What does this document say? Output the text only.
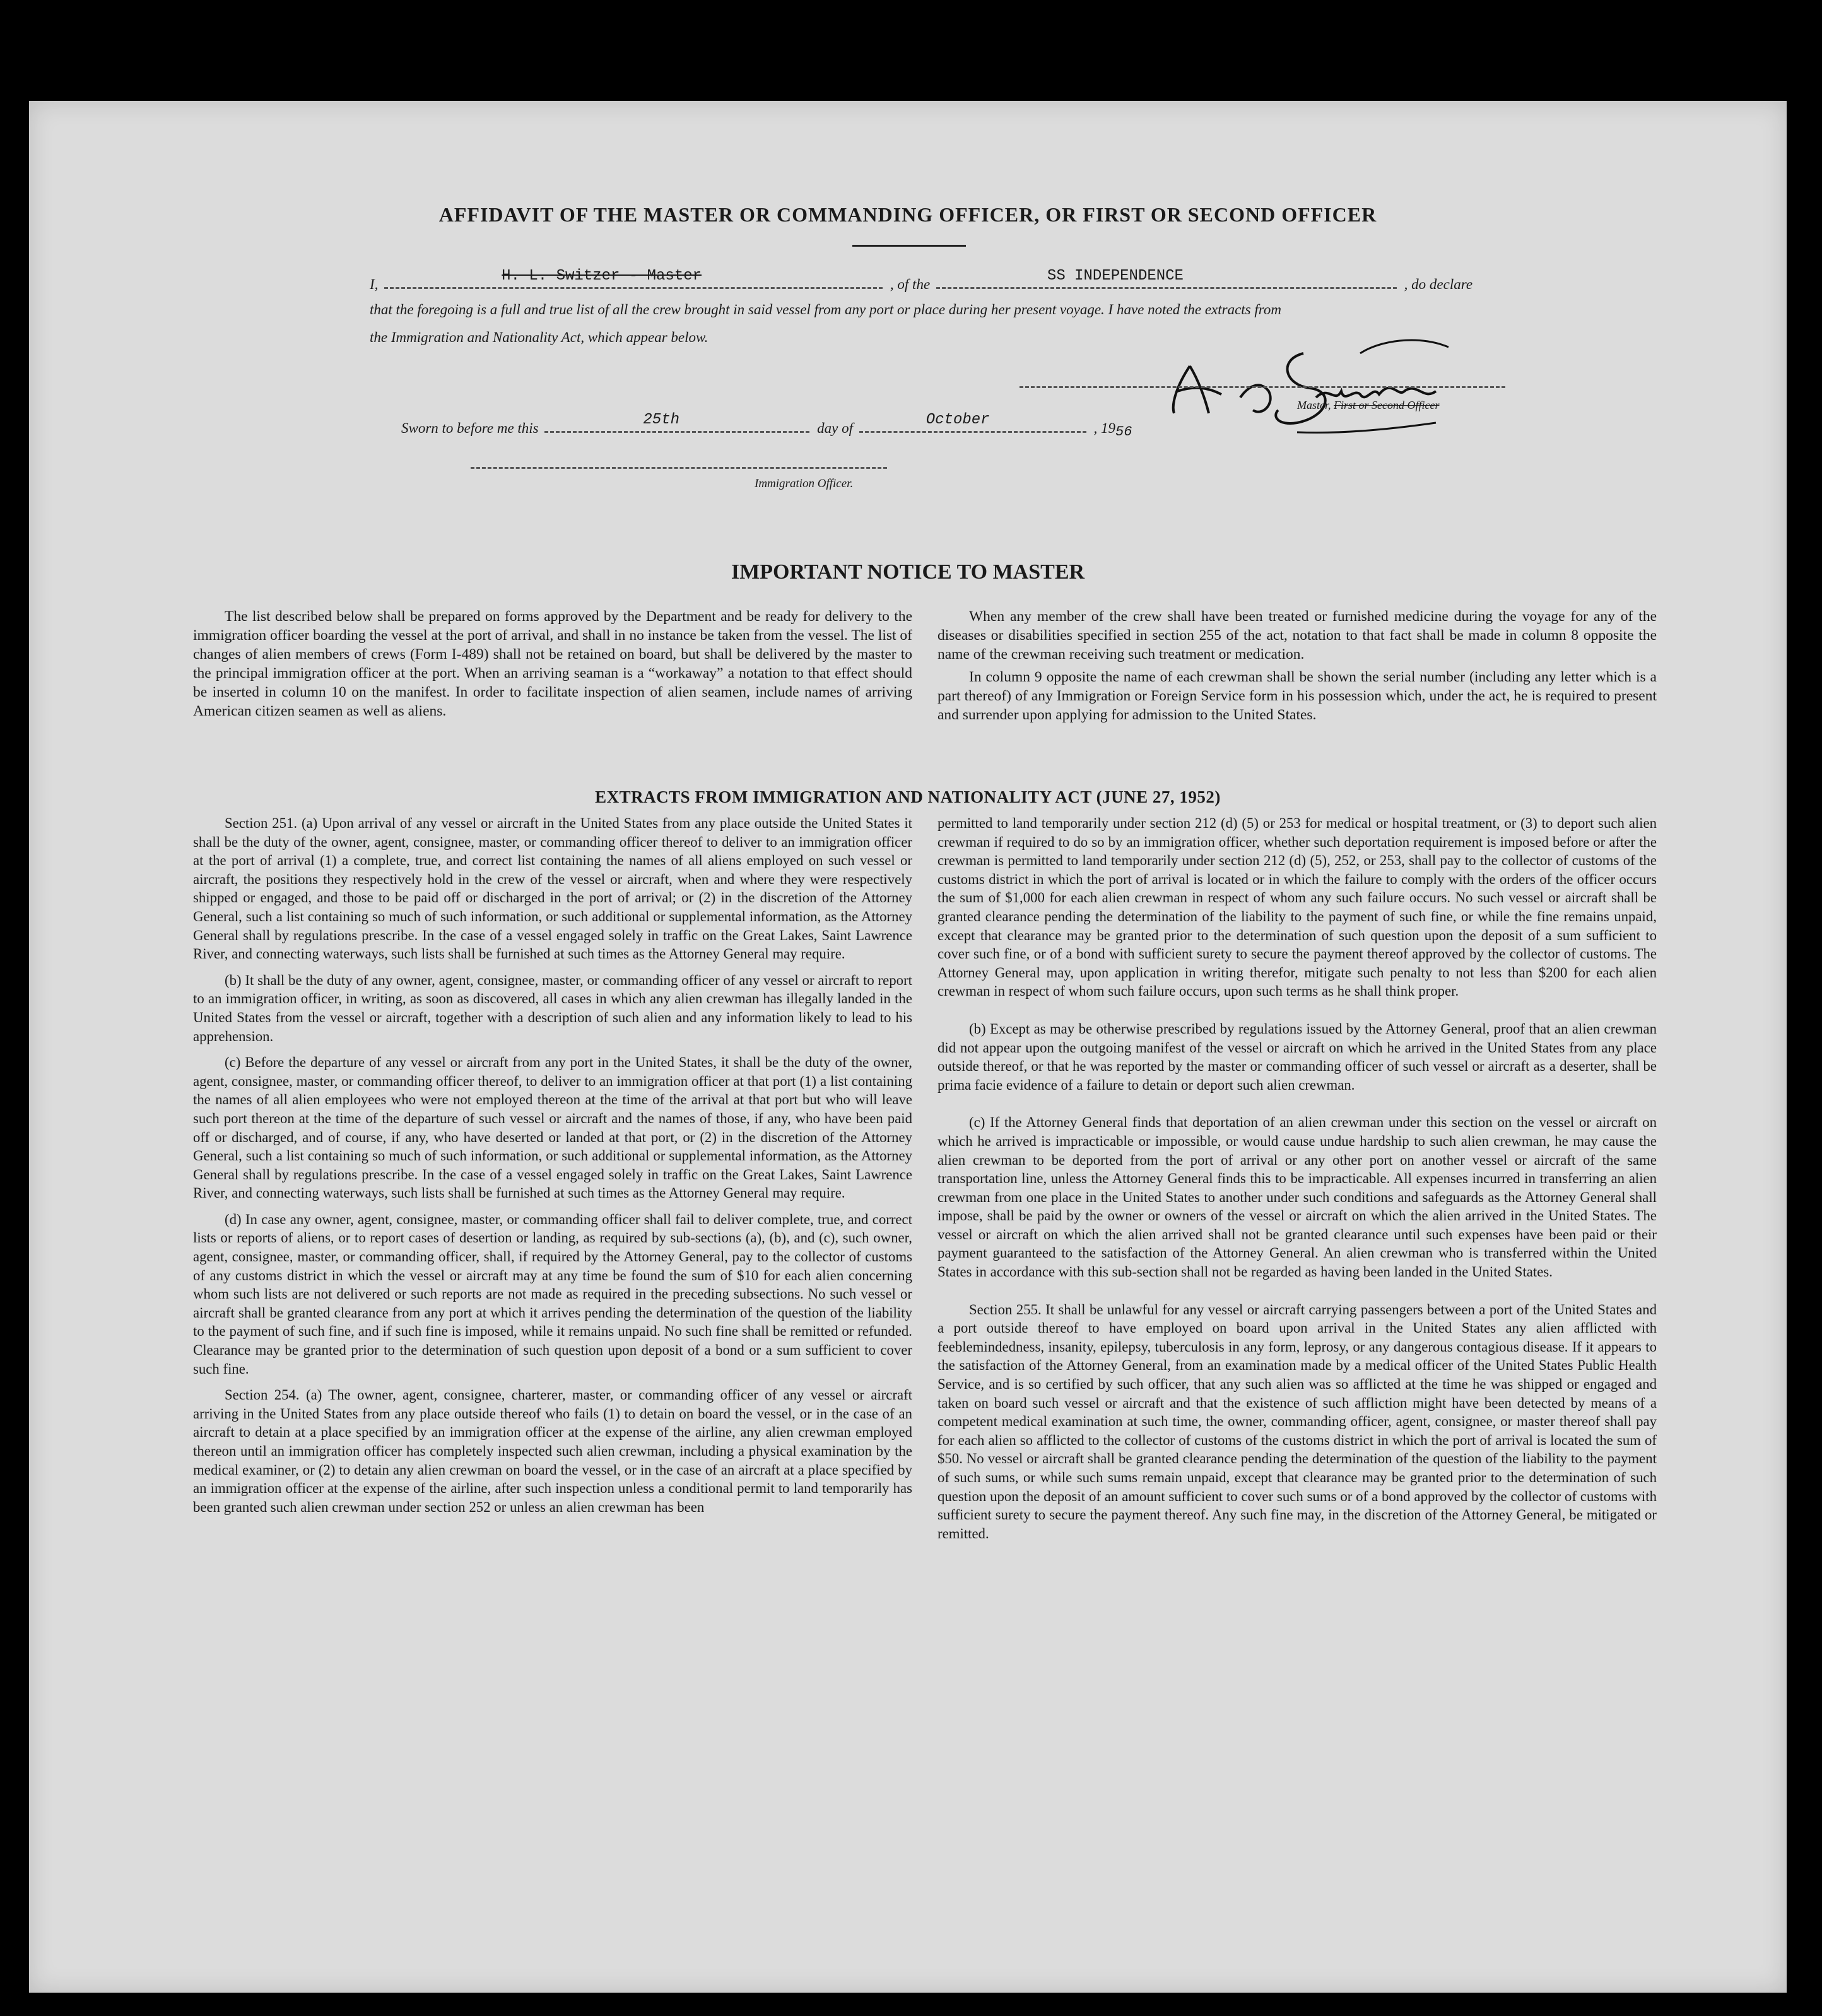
AFFIDAVIT OF THE MASTER OR COMMANDING OFFICER, OR FIRST OR SECOND OFFICER
I,	H. L. Switzer - Master	, of the	SS INDEPENDENCE	, do declare
that the foregoing is a full and true list of all the crew brought in said vessel from any port or place during her present voyage. I have noted the extracts from
the Immigration and Nationality Act, which appear below.
Master, First or Second Officer
Sworn to before me this	25th	day of	October	, 1956
Immigration Officer.
IMPORTANT NOTICE TO MASTER

The list described below shall be prepared on forms approved by the Department and be ready for delivery to the immigration officer boarding the vessel at the port of arrival, and shall in no instance be taken from the vessel. The list of changes of alien members of crews (Form I-489) shall not be retained on board, but shall be delivered by the master to the principal immigration officer at the port. When an arriving seaman is a “workaway” a notation to that effect should be inserted in column 10 on the manifest. In order to facilitate inspection of alien seamen, include names of arriving American citizen seamen as well as aliens.

When any member of the crew shall have been treated or furnished medicine during the voyage for any of the diseases or disabilities specified in section 255 of the act, notation to that fact shall be made in column 8 opposite the name of the crewman receiving such treatment or medication.

In column 9 opposite the name of each crewman shall be shown the serial number (including any letter which is a part thereof) of any Immigration or Foreign Service form in his possession which, under the act, he is required to present and surrender upon applying for admission to the United States.

EXTRACTS FROM IMMIGRATION AND NATIONALITY ACT (JUNE 27, 1952)

Section 251. (a) Upon arrival of any vessel or aircraft in the United States from any place outside the United States it shall be the duty of the owner, agent, consignee, master, or commanding officer thereof to deliver to an immigration officer at the port of arrival (1) a complete, true, and correct list containing the names of all aliens employed on such vessel or aircraft, the positions they respectively hold in the crew of the vessel or aircraft, when and where they were respectively shipped or engaged, and those to be paid off or discharged in the port of arrival; or (2) in the discretion of the Attorney General, such a list containing so much of such information, or such additional or supplemental information, as the Attorney General shall by regulations prescribe. In the case of a vessel engaged solely in traffic on the Great Lakes, Saint Lawrence River, and connecting waterways, such lists shall be furnished at such times as the Attorney General may require.

(b) It shall be the duty of any owner, agent, consignee, master, or commanding officer of any vessel or aircraft to report to an immigration officer, in writing, as soon as discovered, all cases in which any alien crewman has illegally landed in the United States from the vessel or aircraft, together with a description of such alien and any information likely to lead to his apprehension.

(c) Before the departure of any vessel or aircraft from any port in the United States, it shall be the duty of the owner, agent, consignee, master, or commanding officer thereof, to deliver to an immigration officer at that port (1) a list containing the names of all alien employees who were not employed thereon at the time of the arrival at that port but who will leave such port thereon at the time of the departure of such vessel or aircraft and the names of those, if any, who have been paid off or discharged, and of course, if any, who have deserted or landed at that port, or (2) in the discretion of the Attorney General, such a list containing so much of such information, or such additional or supplemental information, as the Attorney General shall by regulations prescribe. In the case of a vessel engaged solely in traffic on the Great Lakes, Saint Lawrence River, and connecting waterways, such lists shall be furnished at such times as the Attorney General may require.

(d) In case any owner, agent, consignee, master, or commanding officer shall fail to deliver complete, true, and correct lists or reports of aliens, or to report cases of desertion or landing, as required by sub-sections (a), (b), and (c), such owner, agent, consignee, master, or commanding officer, shall, if required by the Attorney General, pay to the collector of customs of any customs district in which the vessel or aircraft may at any time be found the sum of $10 for each alien concerning whom such lists are not delivered or such reports are not made as required in the preceding subsections. No such vessel or aircraft shall be granted clearance from any port at which it arrives pending the determination of the question of the liability to the payment of such fine, and if such fine is imposed, while it remains unpaid. No such fine shall be remitted or refunded. Clearance may be granted prior to the determination of such question upon deposit of a bond or a sum sufficient to cover such fine.

Section 254. (a) The owner, agent, consignee, charterer, master, or commanding officer of any vessel or aircraft arriving in the United States from any place outside thereof who fails (1) to detain on board the vessel, or in the case of an aircraft to detain at a place specified by an immigration officer at the expense of the airline, any alien crewman employed thereon until an immigration officer has completely inspected such alien crewman, including a physical examination by the medical examiner, or (2) to detain any alien crewman on board the vessel, or in the case of an aircraft at a place specified by an immigration officer at the expense of the airline, after such inspection unless a conditional permit to land temporarily has been granted such alien crewman under section 252 or unless an alien crewman has been

permitted to land temporarily under section 212 (d) (5) or 253 for medical or hospital treatment, or (3) to deport such alien crewman if required to do so by an immigration officer, whether such deportation requirement is imposed before or after the crewman is permitted to land temporarily under section 212 (d) (5), 252, or 253, shall pay to the collector of customs of the customs district in which the port of arrival is located or in which the failure to comply with the orders of the officer occurs the sum of $1,000 for each alien crewman in respect of whom any such failure occurs. No such vessel or aircraft shall be granted clearance pending the determination of the liability to the payment of such fine, or while the fine remains unpaid, except that clearance may be granted prior to the determination of such question upon the deposit of a sum sufficient to cover such fine, or of a bond with sufficient surety to secure the payment thereof approved by the collector of customs. The Attorney General may, upon application in writing therefor, mitigate such penalty to not less than $200 for each alien crewman in respect of whom such failure occurs, upon such terms as he shall think proper.

(b) Except as may be otherwise prescribed by regulations issued by the Attorney General, proof that an alien crewman did not appear upon the outgoing manifest of the vessel or aircraft on which he arrived in the United States from any place outside thereof, or that he was reported by the master or commanding officer of such vessel or aircraft as a deserter, shall be prima facie evidence of a failure to detain or deport such alien crewman.

(c) If the Attorney General finds that deportation of an alien crewman under this section on the vessel or aircraft on which he arrived is impracticable or impossible, or would cause undue hardship to such alien crewman, he may cause the alien crewman to be deported from the port of arrival or any other port on another vessel or aircraft of the same transportation line, unless the Attorney General finds this to be impracticable. All expenses incurred in transferring an alien crewman from one place in the United States to another under such conditions and safeguards as the Attorney General shall impose, shall be paid by the owner or owners of the vessel or aircraft on which the alien arrived in the United States. The vessel or aircraft on which the alien arrived shall not be granted clearance until such expenses have been paid or their payment guaranteed to the satisfaction of the Attorney General. An alien crewman who is transferred within the United States in accordance with this sub-section shall not be regarded as having been landed in the United States.

Section 255. It shall be unlawful for any vessel or aircraft carrying passengers between a port of the United States and a port outside thereof to have employed on board upon arrival in the United States any alien afflicted with feeblemindedness, insanity, epilepsy, tuberculosis in any form, leprosy, or any dangerous contagious disease. If it appears to the satisfaction of the Attorney General, from an examination made by a medical officer of the United States Public Health Service, and is so certified by such officer, that any such alien was so afflicted at the time he was shipped or engaged and taken on board such vessel or aircraft and that the existence of such affliction might have been detected by means of a competent medical examination at such time, the owner, commanding officer, agent, consignee, or master thereof shall pay for each alien so afflicted to the collector of customs of the customs district in which the port of arrival is located the sum of $50. No vessel or aircraft shall be granted clearance pending the determination of the question of the liability to the payment of such sums, or while such sums remain unpaid, except that clearance may be granted prior to the determination of such question upon the deposit of an amount sufficient to cover such sums or of a bond approved by the collector of customs with sufficient surety to secure the payment thereof. Any such fine may, in the discretion of the Attorney General, be mitigated or remitted.
